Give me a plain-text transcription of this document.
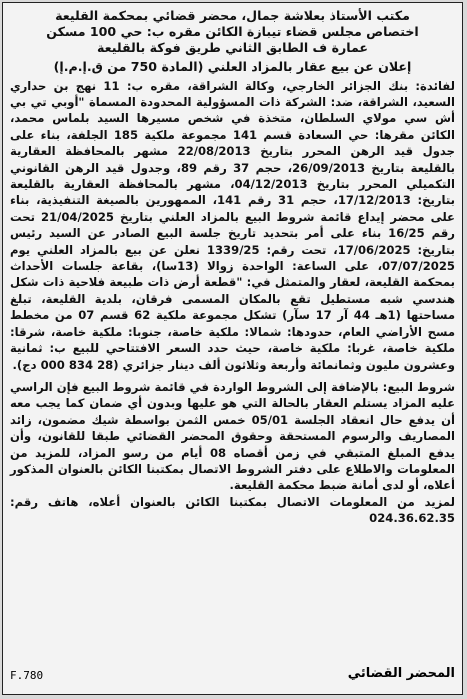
مكتب الأستاذ بعلاشة جمال، محضر قضائي بمحكمة القليعة

اختصاص مجلس قضاء تيبازة الكائن مقره ب: حي 100 مسكن

عمارة ف الطابق الثاني طريق فوكة بالقليعة

إعلان عن بيع عقار بالمزاد العلني (المادة 750 من ق.إ.م.إ)

لفائدة: بنك الجزائر الخارجي، وكالة الشراقة، مقره ب: 11 نهج بن حداري السعيد، الشراقة، ضد: الشركة ذات المسؤولية المحدودة المسماة "أوبي تي بي أش سي مولاي السلطان، متخذة في شخص مسيرها السيد بلماس محمد، الكائن مقرها: حي السعادة قسم 141 مجموعة ملكية 185 الجلفة، بناء على جدول قيد الرهن المحرر بتاريخ 22/08/2013 مشهر بالمحافظة العقارية بالقليعة بتاريخ 26/09/2013، حجم 37 رقم 89، وجدول قيد الرهن القانوني التكميلي المحرر بتاريخ 04/12/2013، مشهر بالمحافظة العقارية بالقليعة بتاريخ: 17/12/2013، حجم 31 رقم 141، الممهورين بالصيغة التنفيذية، بناء على محضر إيداع قائمة شروط البيع بالمزاد العلني بتاريخ 21/04/2025 تحت رقم 16/25 بناء على أمر بتحديد تاريخ جلسة البيع الصادر عن السيد رئيس بتاريخ: 17/06/2025، تحت رقم: 1339/25 نعلن عن بيع بالمزاد العلني يوم 07/07/2025، على الساعة: الواحدة زوالا (13سا)، بقاعة جلسات الأحداث بمحكمة القليعة، لعقار والمتمثل في: "قطعة أرض ذات طبيعة فلاحية ذات شكل هندسي شبه مستطيل تقع بالمكان المسمى فرقان، بلدية القليعة، تبلغ مساحتها (1هـ 44 آر 17 سآر) تشكل مجموعة ملكية 62 قسم 07 من مخطط مسح الأراضي العام، حدودها: شمالا: ملكية خاصة، جنوبا: ملكية خاصة، شرقا: ملكية خاصة، غربا: ملكية خاصة، حيث حدد السعر الافتتاحي للبيع ب: ثمانية وعشرون مليون وثمانمائة وأربعة وثلاثون ألف دينار جزائري (28 834 000 دج).

شروط البيع: بالإضافة إلى الشروط الواردة في قائمة شروط البيع فإن الراسي عليه المزاد يستلم العقار بالحالة التي هو عليها وبدون أي ضمان كما يجب معه أن يدفع حال انعقاد الجلسة 05/01 خمس الثمن بواسطة شيك مضمون، زائد المصاريف والرسوم المستحقة وحقوق المحضر القضائي طبقا للقانون، وأن يدفع المبلغ المتبقي في زمن أقصاه 08 أيام من رسو المزاد، للمزيد من المعلومات والاطلاع على دفتر الشروط الاتصال بمكتبنا الكائن بالعنوان المذكور أعلاه، أو لدى أمانة ضبط محكمة القليعة.

لمزيد من المعلومات الاتصال بمكتبنا الكائن بالعنوان أعلاه، هاتف رقم: 024.36.62.35

المحضر القضائي
F.780
